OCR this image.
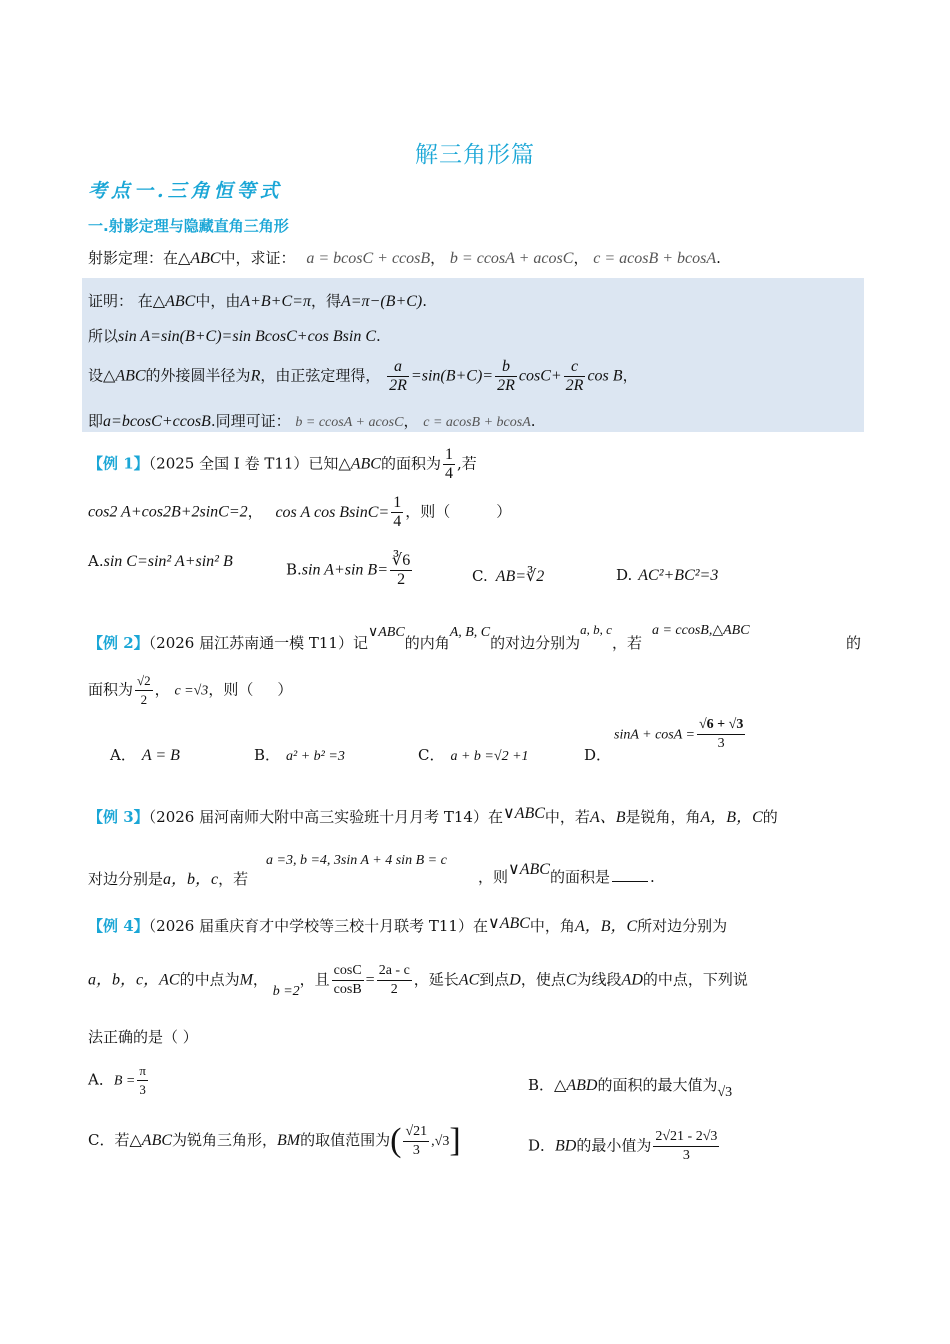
解三角形篇
考点一.三角恒等式
一.射影定理与隐藏直角三角形
射影定理：在△ABC中，求证： a = bcosC + ccosB， b = ccosA + acosC， c = acosB + bcosA.
证明： 在△ABC中，由A+B+C=π，得A=π−(B+C).
所以sin A=sin(B+C)=sin BcosC+cos Bsin C.
设△ABC的外接圆半径为R，由正弦定理得， $\frac{a}{2R} =\sin(B+C)= \frac{b}{2R} \cos C+ \frac{c}{2R}$ cos B，
即a=bcosC+ccosB.同理可证： b = ccosA + acosC， c = acosB + bcosA.
【例 1】（2025 全国 I 卷 T11）已知△ABC的面积为 $\frac{1}{4}$ ,若
cos2 A+cos2B+2sinC=2， cos A $\cos BsinC= \frac{1}{4}$ ，则（	）
A.sin C=sin² A+sin² B	B.sin A+sin $B= \frac{∛6}{2}$	C. AB=∛2	D. AC²+BC²=3
【例 2】（2026 届江苏南通一模 T11）记∨ABC的内角A, B, C的对边分别为a, b, c，若a = ccosB,△ABC
的
面积为 $\frac{√2}{2}$ ， c =√3，则（ ）
A． A = B	B． a² + b² =3	C． a + b =√2 +1	D．
$\sin A + \cos A = \frac{√6 + √3}{3}$
【例 3】（2026 届河南师大附中高三实验班十月月考 T14）在∨ABC中，若A、B是锐角，角A，B，C的
对边分别是a，b，c，若
a =3, b =4, 3sin A + 4 sin B = c
，则∨ABC的面积是	.
【例 4】（2026 届重庆育才中学校等三校十月联考 T11）在∨ABC中，角A，B，C所对边分别为
a，b，c，AC的中点为M， b =2，且 $\frac{\cos C}{\cos B} = \frac{2a - c}{2}$ ，延长AC到点D，使点C为线段AD的中点，下列说
法正确的是（ ）
A．$B = \frac{\pi}{3}$	B．△ABD的面积的最大值为√3
C．若△ABC为锐角三角形，BM的取值范围为( $\frac{√21}{3} ,√3$]	D．BD的最小值为 $\frac{2√21 - 2√3}{3}$
